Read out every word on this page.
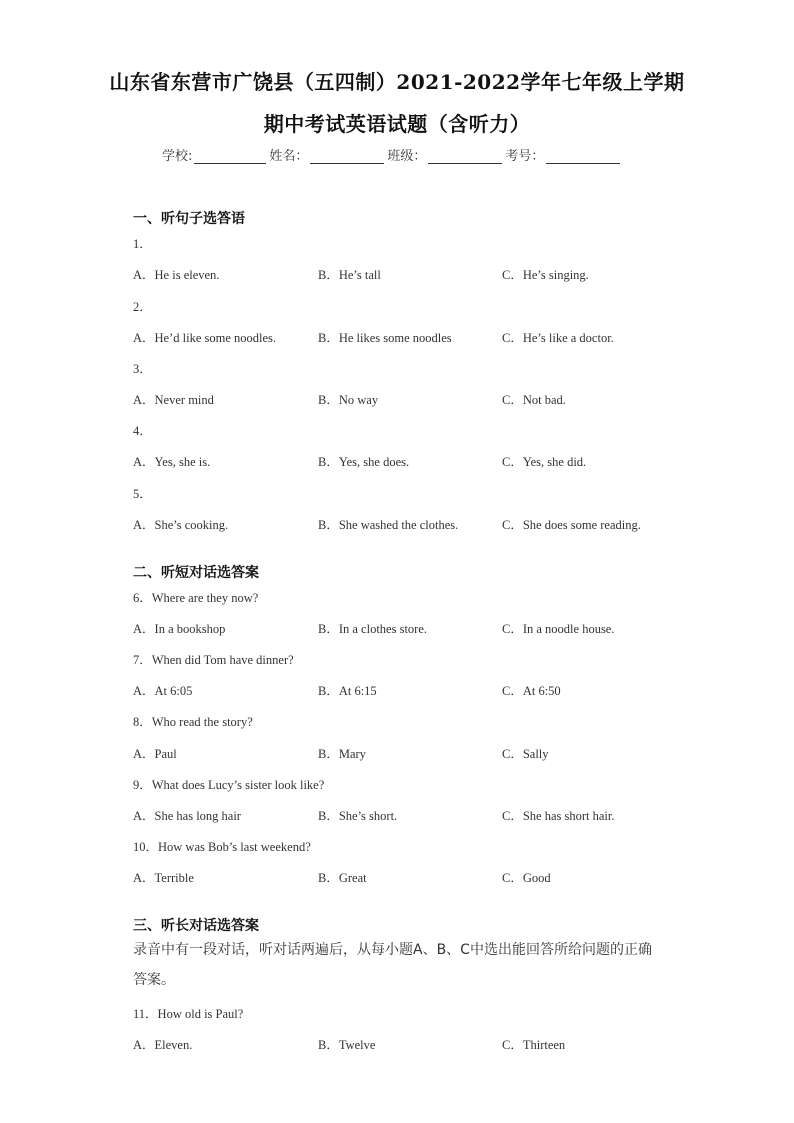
山东省东营市广饶县（五四制）2021-2022学年七年级上学期
期中考试英语试题（含听力）
学校:	姓名：	班级：	考号：
一、听句子选答语
1．
A．He is eleven.	B．He’s tall	C．He’s singing.
2．
A．He’d like some noodles.	B．He likes some noodles	C．He’s like a doctor.
3．
A．Never mind	B．No way	C．Not bad.
4．
A．Yes, she is.	B．Yes, she does.	C．Yes, she did.
5．
A．She’s cooking.	B．She washed the clothes.	C．She does some reading.
二、听短对话选答案
6．Where are they now?
A．In a bookshop	B．In a clothes store.	C．In a noodle house.
7．When did Tom have dinner?
A．At 6:05	B．At 6:15	C．At 6:50
8．Who read the story?
A．Paul	B．Mary	C．Sally
9．What does Lucy’s sister look like?
A．She has long hair	B．She’s short.	C．She has short hair.
10．How was Bob’s last weekend?
A．Terrible	B．Great	C．Good
三、听长对话选答案
录音中有一段对话，听对话两遍后，从每小题A、B、C中选出能回答所给问题的正确答案。
11．How old is Paul?
A．Eleven.	B．Twelve	C．Thirteen
